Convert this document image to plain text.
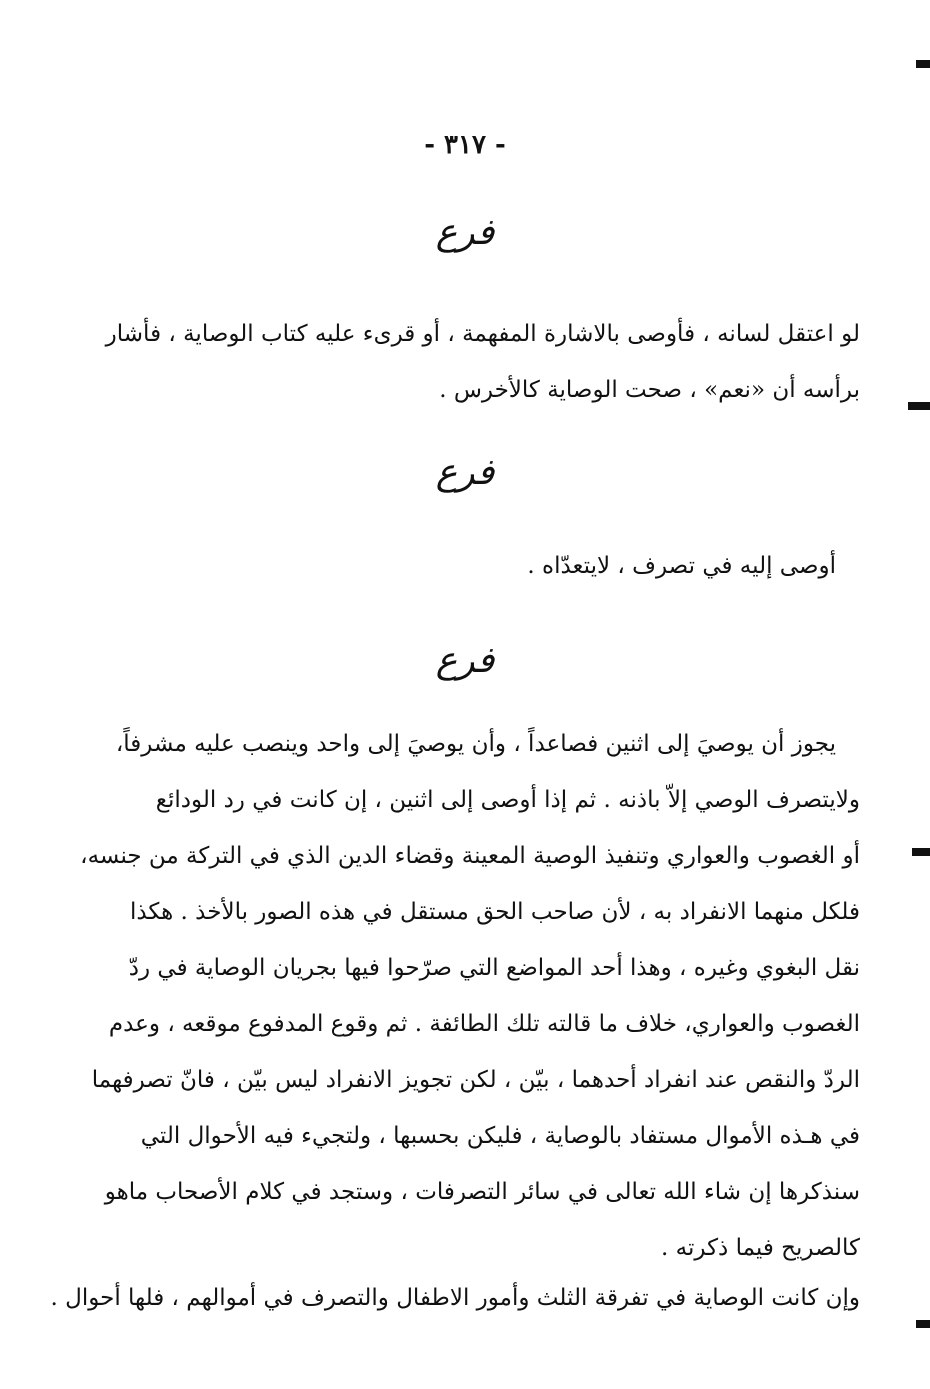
- ٣١٧ -
فرع
لو اعتقل لسانه ، فأوصى بالاشارة المفهمة ، أو قرىء عليه كتاب الوصاية ، فأشار
برأسه أن «نعم» ، صحت الوصاية كالأخرس .
فرع
أوصى إليه في تصرف ، لايتعدّاه .
فرع
يجوز أن يوصيَ إلى اثنين فصاعداً ، وأن يوصيَ إلى واحد وينصب عليه مشرفاً،
ولايتصرف الوصي إلاّ باذنه . ثم إذا أوصى إلى اثنين ، إن كانت في رد الودائع
أو الغصوب والعواري وتنفيذ الوصية المعينة وقضاء الدين الذي في التركة من جنسه،
فلكل منهما الانفراد به ، لأن صاحب الحق مستقل في هذه الصور بالأخذ . هكذا
نقل البغوي وغيره ، وهذا أحد المواضع التي صرّحوا فيها بجريان الوصاية في ردّ
الغصوب والعواري، خلاف ما قالته تلك الطائفة . ثم وقوع المدفوع موقعه ، وعدم
الردّ والنقص عند انفراد أحدهما ، بيّن ، لكن تجويز الانفراد ليس بيّن ، فانّ تصرفهما
في هـذه الأموال مستفاد بالوصاية ، فليكن بحسبها ، ولتجيء فيه الأحوال التي
سنذكرها إن شاء الله تعالى في سائر التصرفات ، وستجد في كلام الأصحاب ماهو
كالصريح فيما ذكرته .
وإن كانت الوصاية في تفرقة الثلث وأمور الاطفال والتصرف في أموالهم ، فلها أحوال .
